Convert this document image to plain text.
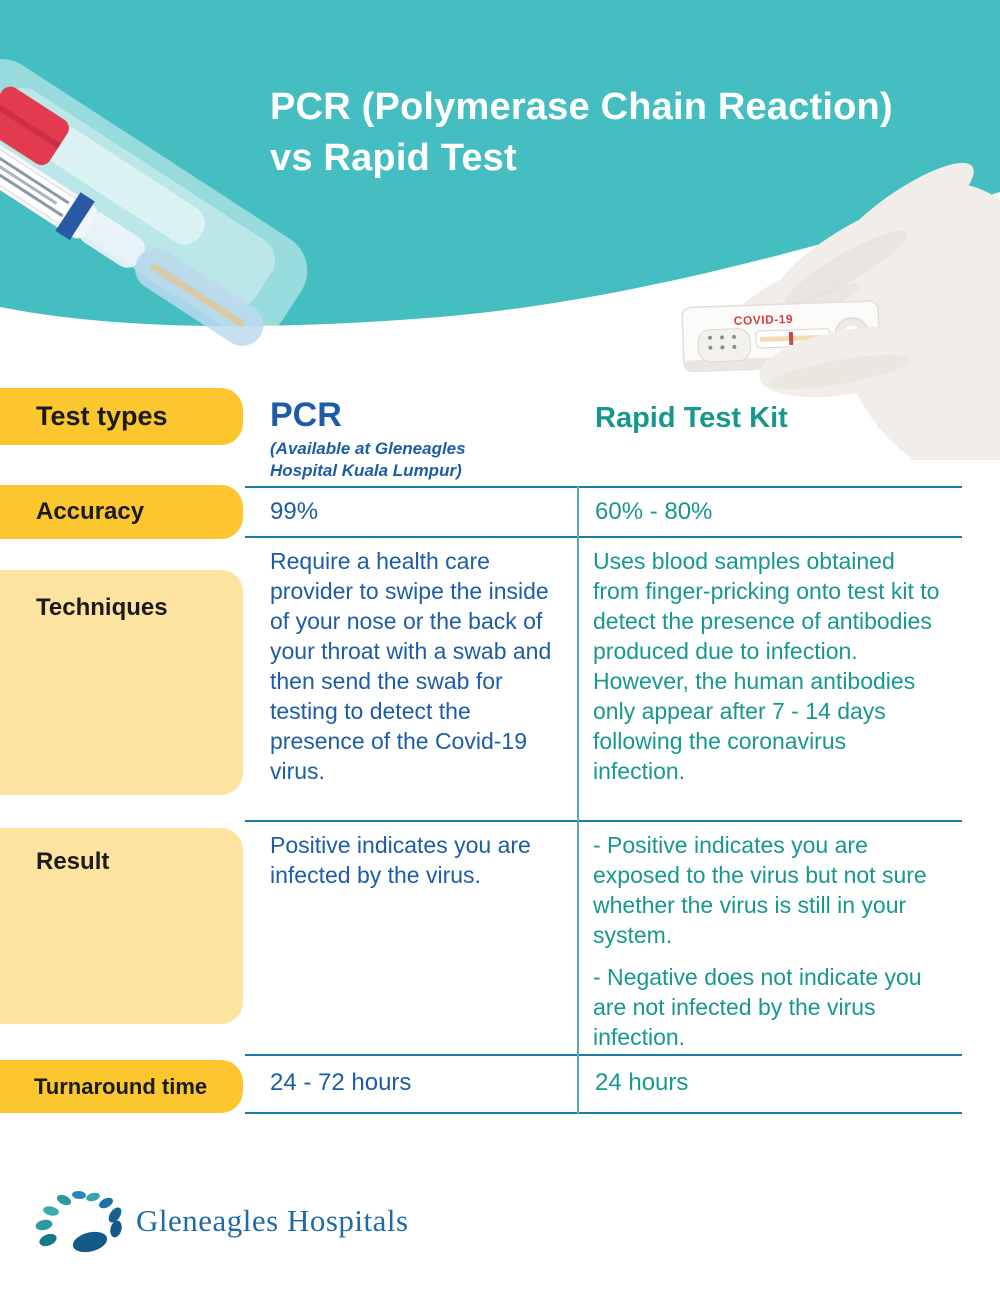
COVID-19
PCR (Polymerase Chain Reaction)
vs Rapid Test
Test types
Accuracy
Techniques
Result
Turnaround time
PCR
(Available at Gleneagles Hospital Kuala Lumpur)
Rapid Test Kit
99%	60% - 80%
Require a health care provider to swipe the inside of your nose or the back of your throat with a swab and then send the swab for testing to detect the presence of the Covid-19 virus.
Uses blood samples obtained from finger-pricking onto test kit to detect the presence of antibodies produced due to infection. However, the human antibodies only appear after 7 - 14 days following the coronavirus infection.
Positive indicates you are infected by the virus.

- Positive indicates you are exposed to the virus but not sure whether the virus is still in your system.

- Negative does not indicate you are not infected by the virus infection.

24 - 72 hours	24 hours
Gleneagles Hospitals
